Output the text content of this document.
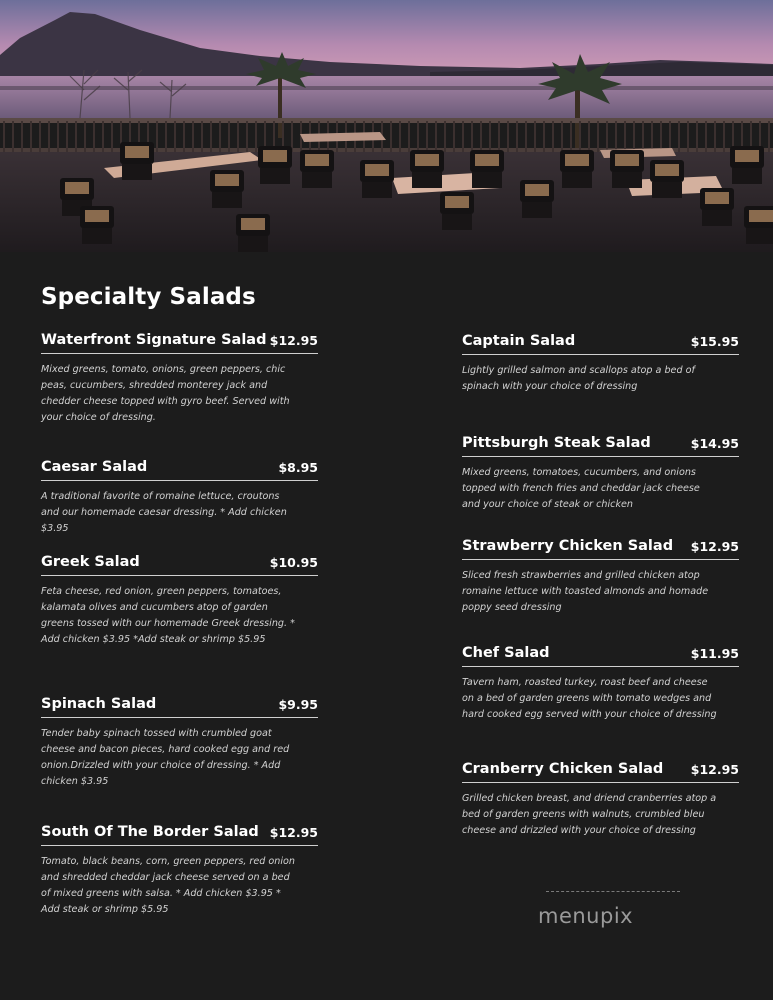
Specialty Salads
Waterfront Signature Salad $12.95
Mixed greens, tomato, onions, green peppers, chic peas, cucumbers, shredded monterey jack and chedder cheese topped with gyro beef. Served with your choice of dressing.
Caesar Salad	$8.95
A traditional favorite of romaine lettuce, croutons and our homemade caesar dressing. * Add chicken $3.95
Greek Salad	$10.95
Feta cheese, red onion, green peppers, tomatoes, kalamata olives and cucumbers atop of garden greens tossed with our homemade Greek dressing. * Add chicken $3.95 *Add steak or shrimp $5.95
Spinach Salad	$9.95
Tender baby spinach tossed with crumbled goat cheese and bacon pieces, hard cooked egg and red onion.Drizzled with your choice of dressing. * Add chicken $3.95
South Of The Border Salad $12.95
Tomato, black beans, corn, green peppers, red onion and shredded cheddar jack cheese served on a bed of mixed greens with salsa. * Add chicken $3.95 * Add steak or shrimp $5.95
Captain Salad	$15.95
Lightly grilled salmon and scallops atop a bed of spinach with your choice of dressing
Pittsburgh Steak Salad	$14.95
Mixed greens, tomatoes, cucumbers, and onions topped with french fries and cheddar jack cheese and your choice of steak or chicken
Strawberry Chicken Salad $12.95
Sliced fresh strawberries and grilled chicken atop romaine lettuce with toasted almonds and homade poppy seed dressing
Chef Salad	$11.95
Tavern ham, roasted turkey, roast beef and cheese on a bed of garden greens with tomato wedges and hard cooked egg served with your choice of dressing
Cranberry Chicken Salad $12.95
Grilled chicken breast, and driend cranberries atop a bed of garden greens with walnuts, crumbled bleu cheese and drizzled with your choice of dressing
menupix
